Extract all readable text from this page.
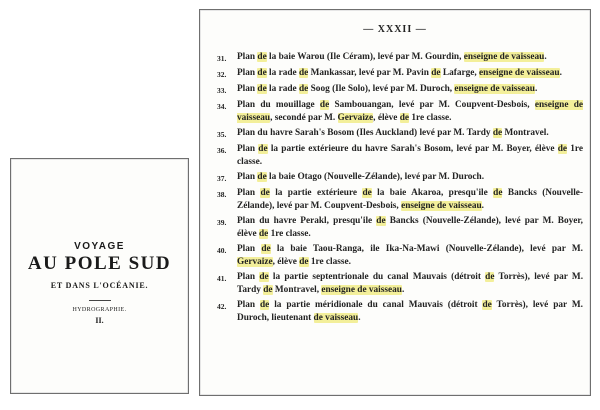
VOYAGE
AU POLE SUD
ET DANS L'OCÉANIE.
HYDROGRAPHIE.
II.
— XXXII —
31.	Plan de la baie Warou (Ile Céram), levé par M. Gourdin, enseigne de vaisseau.
32.	Plan de la rade de Mankassar, levé par M. Pavin de Lafarge, enseigne de vaisseau.
33.	Plan de la rade de Soog (Ile Solo), levé par M. Duroch, enseigne de vaisseau.
34.	Plan du mouillage de Sambouangan, levé par M. Coupvent-Desbois, enseigne de vaisseau, secondé par M. Gervaize, élève de 1re classe.
35.	Plan du havre Sarah's Bosom (Iles Auckland) levé par M. Tardy de Montravel.
36.	Plan de la partie extérieure du havre Sarah's Bosom, levé par M. Boyer, élève de 1re classe.
37.	Plan de la baie Otago (Nouvelle-Zélande), levé par M. Duroch.
38.	Plan de la partie extérieure de la baie Akaroa, presqu'ile de Bancks (Nouvelle-Zélande), levé par M. Coupvent-Desbois, enseigne de vaisseau.
39.	Plan du havre Perakl, presqu'ile de Bancks (Nouvelle-Zélande), levé par M. Boyer, élève de 1re classe.
40.	Plan de la baie Taou-Ranga, ile Ika-Na-Mawi (Nouvelle-Zélande), levé par M. Gervaize, élève de 1re classe.
41.	Plan de la partie septentrionale du canal Mauvais (détroit de Torrès), levé par M. Tardy de Montravel, enseigne de vaisseau.
42.	Plan de la partie méridionale du canal Mauvais (détroit de Torrès), levé par M. Duroch, lieutenant de vaisseau.
